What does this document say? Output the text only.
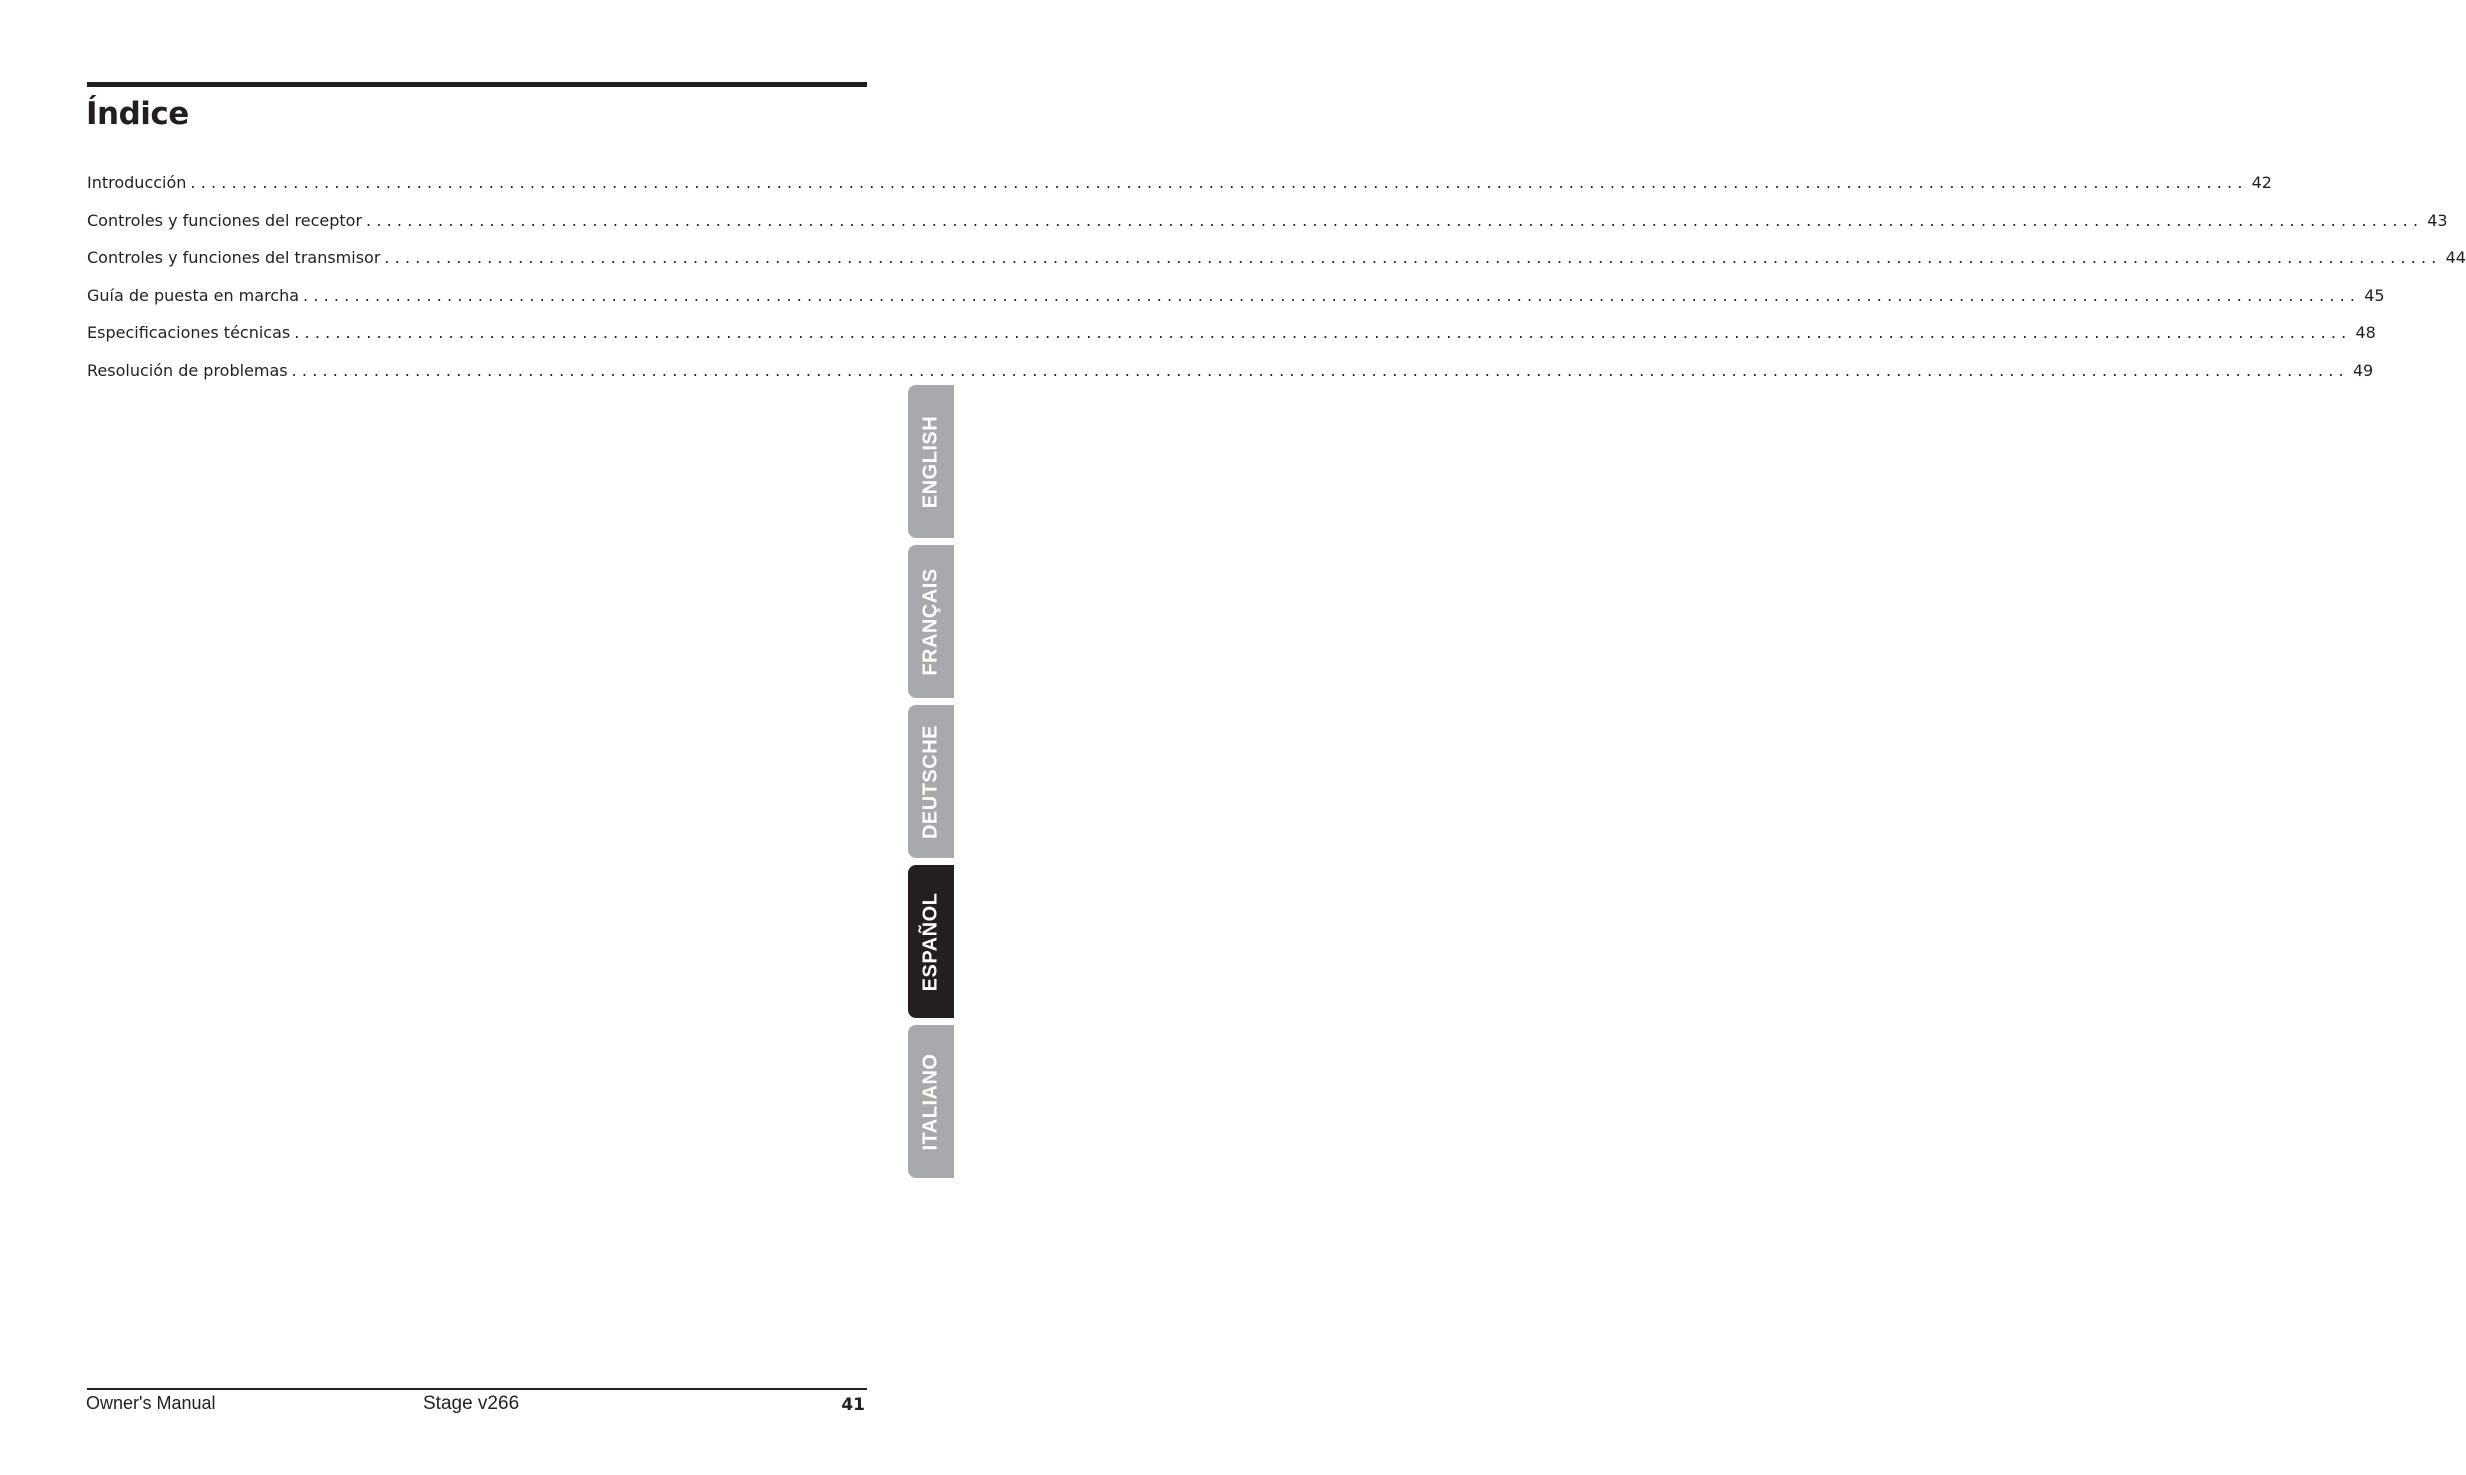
Índice
Introducción ........................................................................................................................................................................................................ 42
Controles y funciones del receptor ........................................................................................................................................................................................................ 43
Controles y funciones del transmisor ........................................................................................................................................................................................................ 44
Guía de puesta en marcha ........................................................................................................................................................................................................ 45
Especificaciones técnicas ........................................................................................................................................................................................................ 48
Resolución de problemas ........................................................................................................................................................................................................ 49
ENGLISH
FRANÇAIS
DEUTSCHE
ESPAÑOL
ITALIANO
Owner's Manual	Stage v266	41
